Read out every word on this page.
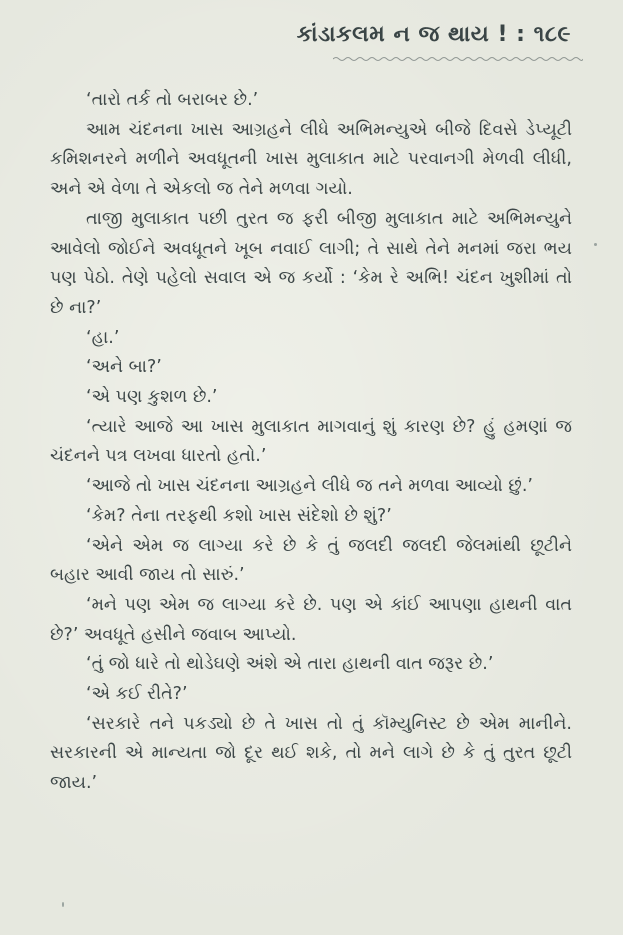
કાંડાકલમ ન જ થાય ! : ૧૮૯

‘તારો તર્ક તો બરાબર છે.’

આમ ચંદનના ખાસ આગ્રહને લીધે અભિમન્યુએ બીજે દિવસે ડેપ્યૂટી કમિશનરને મળીને અવધૂતની ખાસ મુલાકાત માટે પરવાનગી મેળવી લીધી, અને એ વેળા તે એકલો જ તેને મળવા ગયો.

તાજી મુલાકાત પછી તુરત જ ફરી બીજી મુલાકાત માટે અભિમન્યુને આવેલો જોઈને અવધૂતને ખૂબ નવાઈ લાગી; તે સાથે તેને મનમાં જરા ભય પણ પેઠો. તેણે પહેલો સવાલ એ જ કર્યો : ‘કેમ રે અભિ! ચંદન ખુશીમાં તો છે ના?’

‘હા.’

‘અને બા?’

‘એ પણ કુશળ છે.’

‘ત્યારે આજે આ ખાસ મુલાકાત માગવાનું શું કારણ છે? હું હમણાં જ ચંદનને પત્ર લખવા ધારતો હતો.’

‘આજે તો ખાસ ચંદનના આગ્રહને લીધે જ તને મળવા આવ્યો છું.’

‘કેમ? તેના તરફથી કશો ખાસ સંદેશો છે શું?’

‘એને એમ જ લાગ્યા કરે છે કે તું જલદી જલદી જેલમાંથી છૂટીને બહાર આવી જાય તો સારું.’

‘મને પણ એમ જ લાગ્યા કરે છે. પણ એ કાંઈ આપણા હાથની વાત છે?’ અવધૂતે હસીને જવાબ આપ્યો.

‘તું જો ધારે તો થોડેઘણે અંશે એ તારા હાથની વાત જરૂર છે.’

‘એ કઈ રીતે?’

‘સરકારે તને પકડ્યો છે તે ખાસ તો તું કૉમ્યુનિસ્ટ છે એમ માનીને. સરકારની એ માન્યતા જો દૂર થઈ શકે, તો મને લાગે છે કે તું તુરત છૂટી જાય.’
